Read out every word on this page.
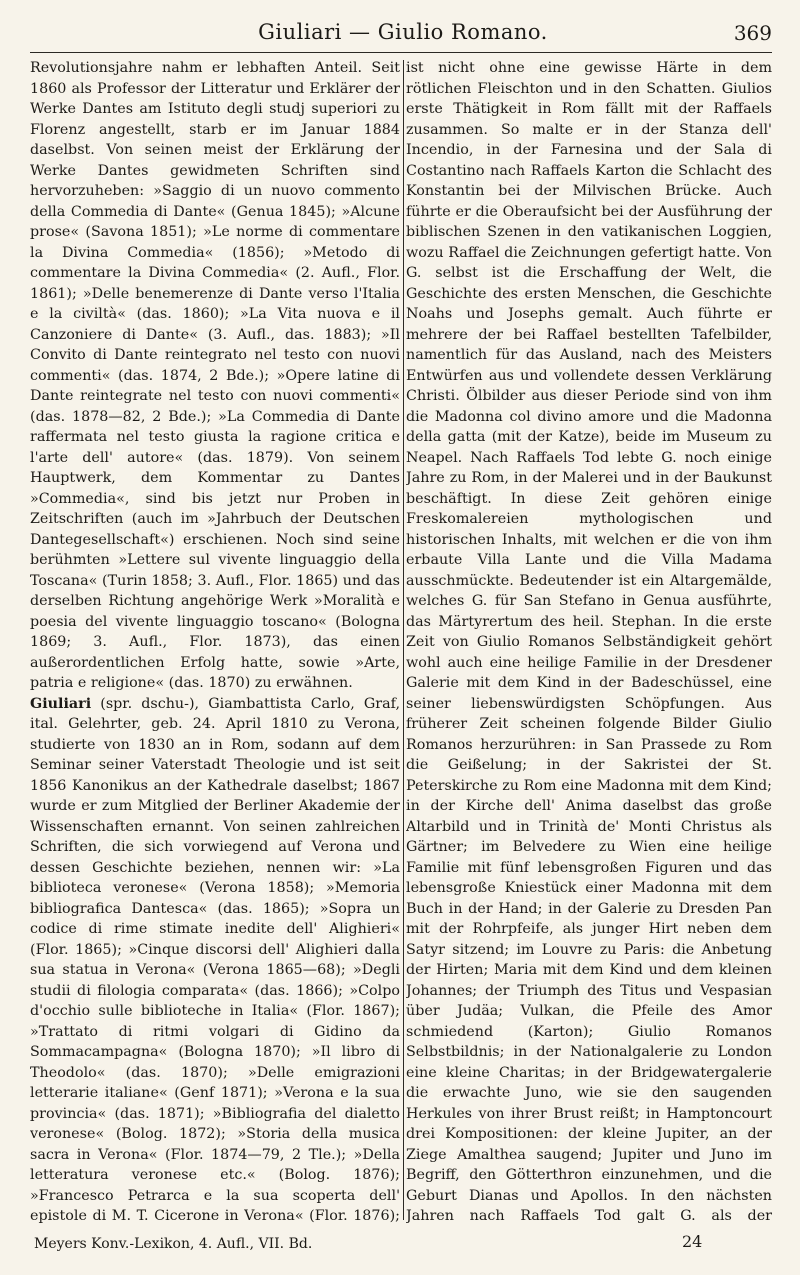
Giuliari — Giulio Romano.	369

Revolutionsjahre nahm er lebhaften Anteil. Seit 1860 als Professor der Litteratur und Erklärer der Werke Dantes am Istituto degli studj superiori zu Florenz angestellt, starb er im Januar 1884 daselbst. Von seinen meist der Erklärung der Werke Dantes gewidmeten Schriften sind hervorzuheben: »Saggio di un nuovo commento della Commedia di Dante« (Genua 1845); »Alcune prose« (Savona 1851); »Le norme di commentare la Divina Commedia« (1856); »Metodo di commentare la Divina Commedia« (2. Aufl., Flor. 1861); »Delle benemerenze di Dante verso l'Italia e la civiltà« (das. 1860); »La Vita nuova e il Canzoniere di Dante« (3. Aufl., das. 1883); »Il Convito di Dante reintegrato nel testo con nuovi commenti« (das. 1874, 2 Bde.); »Opere latine di Dante reintegrate nel testo con nuovi commenti« (das. 1878—82, 2 Bde.); »La Commedia di Dante raffermata nel testo giusta la ragione critica e l'arte dell' autore« (das. 1879). Von seinem Hauptwerk, dem Kommentar zu Dantes »Commedia«, sind bis jetzt nur Proben in Zeitschriften (auch im »Jahrbuch der Deutschen Dantegesellschaft«) erschienen. Noch sind seine berühmten »Lettere sul vivente linguaggio della Toscana« (Turin 1858; 3. Aufl., Flor. 1865) und das derselben Richtung angehörige Werk »Moralità e poesia del vivente linguaggio toscano« (Bologna 1869; 3. Aufl., Flor. 1873), das einen außerordentlichen Erfolg hatte, sowie »Arte, patria e religione« (das. 1870) zu erwähnen.

Giuliari (spr. dschu-), Giambattista Carlo, Graf, ital. Gelehrter, geb. 24. April 1810 zu Verona, studierte von 1830 an in Rom, sodann auf dem Seminar seiner Vaterstadt Theologie und ist seit 1856 Kanonikus an der Kathedrale daselbst; 1867 wurde er zum Mitglied der Berliner Akademie der Wissenschaften ernannt. Von seinen zahlreichen Schriften, die sich vorwiegend auf Verona und dessen Geschichte beziehen, nennen wir: »La biblioteca veronese« (Verona 1858); »Memoria bibliografica Dantesca« (das. 1865); »Sopra un codice di rime stimate inedite dell' Alighieri« (Flor. 1865); »Cinque discorsi dell' Alighieri dalla sua statua in Verona« (Verona 1865—68); »Degli studii di filologia comparata« (das. 1866); »Colpo d'occhio sulle biblioteche in Italia« (Flor. 1867); »Trattato di ritmi volgari di Gidino da Sommacampagna« (Bologna 1870); »Il libro di Theodolo« (das. 1870); »Delle emigrazioni letterarie italiane« (Genf 1871); »Verona e la sua provincia« (das. 1871); »Bibliografia del dialetto veronese« (Bolog. 1872); »Storia della musica sacra in Verona« (Flor. 1874—79, 2 Tle.); »Della letteratura veronese etc.« (Bolog. 1876); »Francesco Petrarca e la sua scoperta dell' epistole di M. T. Cicerone in Verona« (Flor. 1876);

ist nicht ohne eine gewisse Härte in dem rötlichen Fleischton und in den Schatten. Giulios erste Thätigkeit in Rom fällt mit der Raffaels zusammen. So malte er in der Stanza dell' Incendio, in der Farnesina und der Sala di Costantino nach Raffaels Karton die Schlacht des Konstantin bei der Milvischen Brücke. Auch führte er die Oberaufsicht bei der Ausführung der biblischen Szenen in den vatikanischen Loggien, wozu Raffael die Zeichnungen gefertigt hatte. Von G. selbst ist die Erschaffung der Welt, die Geschichte des ersten Menschen, die Geschichte Noahs und Josephs gemalt. Auch führte er mehrere der bei Raffael bestellten Tafelbilder, namentlich für das Ausland, nach des Meisters Entwürfen aus und vollendete dessen Verklärung Christi. Ölbilder aus dieser Periode sind von ihm die Madonna col divino amore und die Madonna della gatta (mit der Katze), beide im Museum zu Neapel. Nach Raffaels Tod lebte G. noch einige Jahre zu Rom, in der Malerei und in der Baukunst beschäftigt. In diese Zeit gehören einige Freskomalereien mythologischen und historischen Inhalts, mit welchen er die von ihm erbaute Villa Lante und die Villa Madama ausschmückte. Bedeutender ist ein Altargemälde, welches G. für San Stefano in Genua ausführte, das Märtyrertum des heil. Stephan. In die erste Zeit von Giulio Romanos Selbständigkeit gehört wohl auch eine heilige Familie in der Dresdener Galerie mit dem Kind in der Badeschüssel, eine seiner liebenswürdigsten Schöpfungen. Aus früherer Zeit scheinen folgende Bilder Giulio Romanos herzurühren: in San Prassede zu Rom die Geißelung; in der Sakristei der St. Peterskirche zu Rom eine Madonna mit dem Kind; in der Kirche dell' Anima daselbst das große Altarbild und in Trinità de' Monti Christus als Gärtner; im Belvedere zu Wien eine heilige Familie mit fünf lebensgroßen Figuren und das lebensgroße Kniestück einer Madonna mit dem Buch in der Hand; in der Galerie zu Dresden Pan mit der Rohrpfeife, als junger Hirt neben dem Satyr sitzend; im Louvre zu Paris: die Anbetung der Hirten; Maria mit dem Kind und dem kleinen Johannes; der Triumph des Titus und Vespasian über Judäa; Vulkan, die Pfeile des Amor schmiedend (Karton); Giulio Romanos Selbstbildnis; in der Nationalgalerie zu London eine kleine Charitas; in der Bridgewatergalerie die erwachte Juno, wie sie den saugenden Herkules von ihrer Brust reißt; in Hamptoncourt drei Kompositionen: der kleine Jupiter, an der Ziege Amalthea saugend; Jupiter und Juno im Begriff, den Götterthron einzunehmen, und die Geburt Dianas und Apollos. In den nächsten Jahren nach Raffaels Tod galt G. als der

Meyers Konv.-Lexikon, 4. Aufl., VII. Bd.	24
